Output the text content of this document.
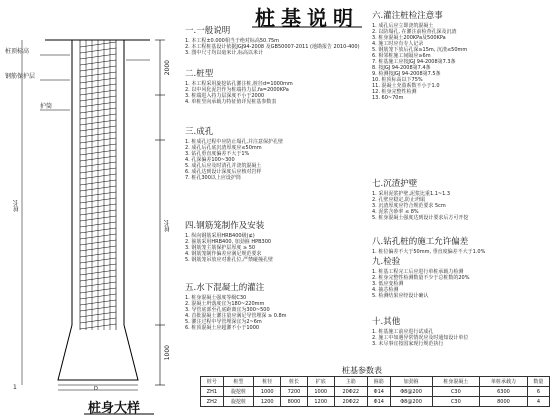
2000
桩长
1000
D
桩顶标高
钢筋保护层
护筒
桩长
1
桩身大样
桩基说明
一.一般说明
1. 本工程±0.000相当于绝对标高50.75m
2. 本工程桩基设计依据JGJ94-2008 及GB50007-2011 (地勘报告 2010-400)
3. 图中尺寸均以毫米计,标高以米计
二.桩型
1. 本工程采用旋挖钻孔灌注桩,桩径d=1000mm
2. 以中风化泥岩作为桩端持力层,fa=2000KPa
3. 桩端进入持力层深度不小于2000
4. 单桩竖向承载力特征值详见桩基参数表
三.成孔
1. 桩成孔过程中应防止塌孔,并注意保护孔壁
2. 成孔后孔底沉渣厚度应≤50mm
3. 钻孔垂直度偏差不大于1%
4. 孔深偏差100~300
5. 成孔后应及时清孔并浇筑混凝土
6. 成孔达到设计深度后应核对岩样
7. 桩孔300以上应设护筒
四.钢筋笼制作及安装
1. 纵向钢筋采用HRB400级(⊈)
2. 箍筋采用HRB400, 加劲箍 HPB300
3. 钢筋笼主筋保护层厚度 ≥ 50
4. 钢筋笼制作偏差应满足规范要求
5. 钢筋笼吊放应对准孔位,严禁碰撞孔壁
五.水下混凝土的灌注
1. 桩身混凝土强度等级C30
2. 混凝土坍落度宜为180~220mm
3. 导管底部至孔底距离宜为300~500
4. 首批混凝土灌注量应满足导管埋深 ≥ 0.8m
5. 灌注过程中导管埋深宜为2~6m
6. 桩顶混凝土应超灌不小于1000
六.灌注桩检注意事
1. 成孔后应立即浇筑混凝土
2. 以防塌孔, 在灌注前检查孔深及沉渣
3. 桩身混凝土200KPa及500KPa
4. 施工时应有专人记录
5. 钢筋笼下放后孔深≥15m, 沉渣≤50mm
6. 相邻桩施工间隔应≥6m
7. 桩基施工应按JGJ 94-2008第7.3条
8. 按JGJ 94-2008第7.4条
9. 检测按JGJ 94-2008第7.5条
10. 桩顶标高以下75%
11. 混凝土充盈系数不小于1.0
12. 桩身完整性检测
13. 60~70m
七.沉渣护壁
1. 采用泥浆护壁,泥浆比重1.1~1.3
2. 孔壁应稳定,防止坍塌
3. 沉渣厚度应符合规范要求 5cm
4. 泥浆含砂率 ≤ 8%
5. 桩身混凝土强度达到设计要求后方可开挖
八.钻孔桩的施工允许偏差
1. 桩位偏差不大于50mm, 垂直度偏差不大于1.0%
九.检验
1. 桩基工程完工后应进行单桩承载力检测
2. 桩身完整性检测数量不少于总桩数的20%
3. 低应变检测
4. 抽芯检测
5. 检测结果应经设计确认
十.其他
1. 桩基施工前应进行试成孔
2. 施工中如遇异常情况应及时通知设计单位
3. 未尽事宜按国家现行规范执行
桩基参数表
桩号	桩型	桩径	桩长	扩底	主筋	箍筋	加劲箍	桩身混凝土	单桩承载力	数量
ZH1	旋挖桩	1000	7200	1000	20Φ22	Φ14	Φ8@200	C30	6300	6
ZH2	旋挖桩	1200	8000	1200	20Φ22	Φ14	Φ8@200	C30	8000	4
